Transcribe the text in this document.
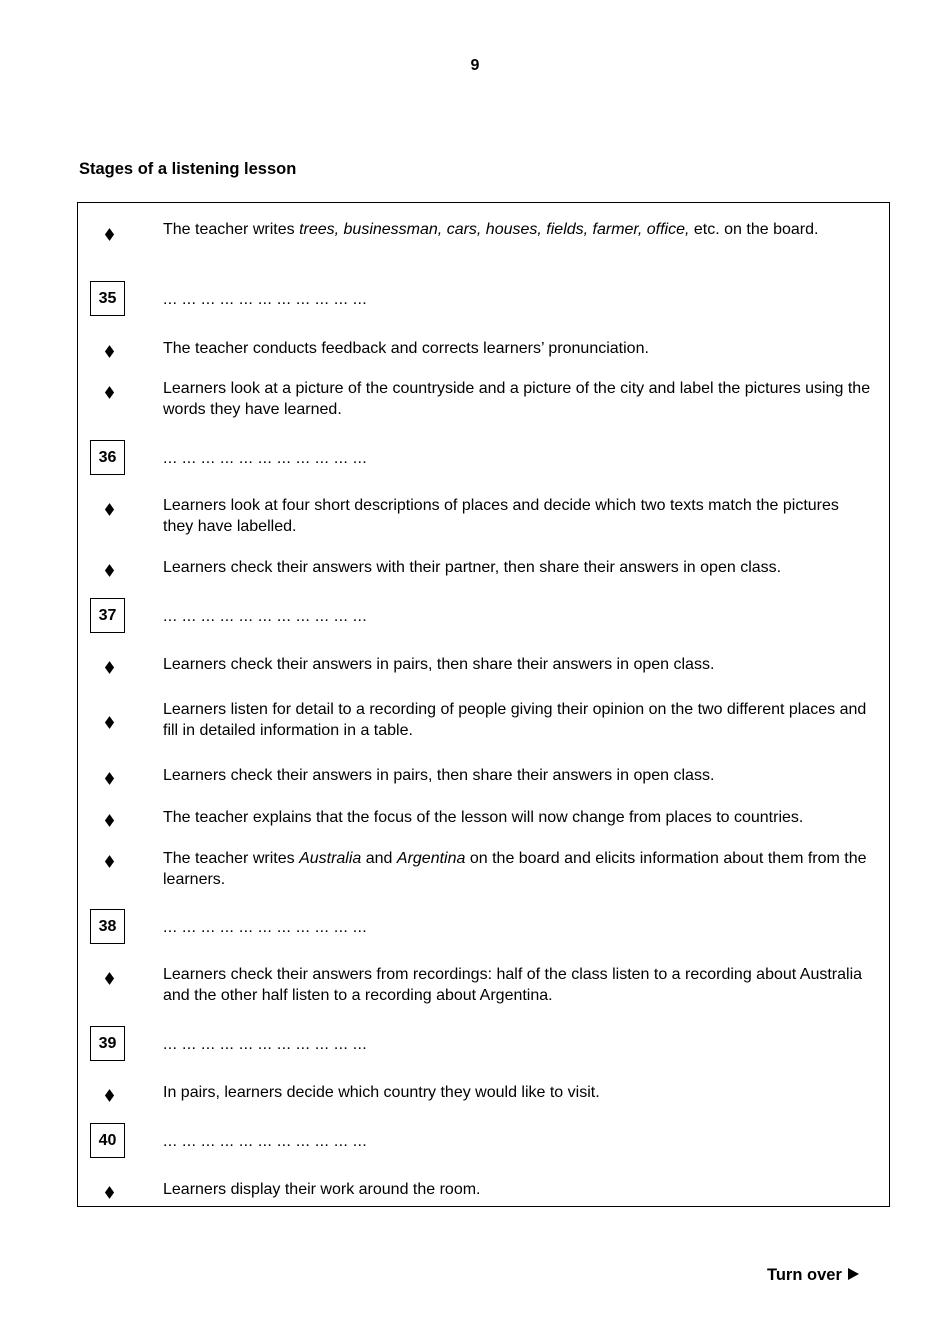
9
Stages of a listening lesson
The teacher writes trees, businessman, cars, houses, fields, farmer, office, etc. on the board.
35	... ... ... ... ... ... ... ... ... ... ...
The teacher conducts feedback and corrects learners’ pronunciation.
Learners look at a picture of the countryside and a picture of the city and label the pictures using the words they have learned.
36	... ... ... ... ... ... ... ... ... ... ...
Learners look at four short descriptions of places and decide which two texts match the pictures they have labelled.
Learners check their answers with their partner, then share their answers in open class.
37	... ... ... ... ... ... ... ... ... ... ...
Learners check their answers in pairs, then share their answers in open class.
Learners listen for detail to a recording of people giving their opinion on the two different places and fill in detailed information in a table.
Learners check their answers in pairs, then share their answers in open class.
The teacher explains that the focus of the lesson will now change from places to countries.
The teacher writes Australia and Argentina on the board and elicits information about them from the learners.
38	... ... ... ... ... ... ... ... ... ... ...
Learners check their answers from recordings: half of the class listen to a recording about Australia and the other half listen to a recording about Argentina.
39	... ... ... ... ... ... ... ... ... ... ...
In pairs, learners decide which country they would like to visit.
40	... ... ... ... ... ... ... ... ... ... ...
Learners display their work around the room.
Turn over
